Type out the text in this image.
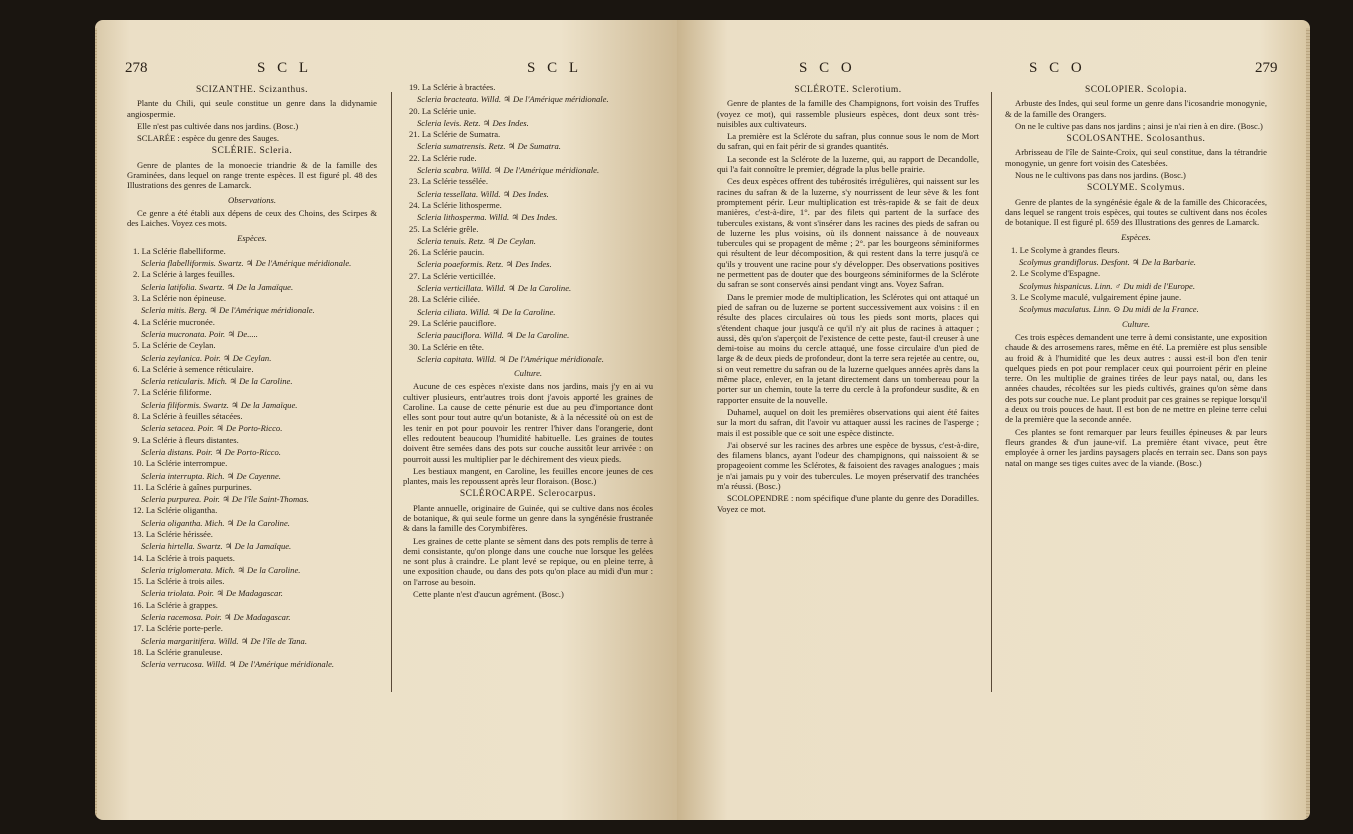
278	S C L	S C L
SCIZANTHE. Scizanthus.

Plante du Chili, qui seule constitue un genre dans la didynamie angiospermie.

Elle n'est pas cultivée dans nos jardins. (Bosc.)

SCLARÉE : espèce du genre des Sauges.

SCLÉRIE. Scleria.

Genre de plantes de la monoecie triandrie & de la famille des Graminées, dans lequel on range trente espèces. Il est figuré pl. 48 des Illustrations des genres de Lamarck.

Observations.

Ce genre a été établi aux dépens de ceux des Choins, des Scirpes & des Laiches. Voyez ces mots.

Espèces.

1. La Sclérie flabelliforme.

Scleria flabelliformis. Swartz. ♃ De l'Amérique méridionale.

2. La Sclérie à larges feuilles.

Scleria latifolia. Swartz. ♃ De la Jamaïque.

3. La Sclérie non épineuse.

Scleria mitis. Berg. ♃ De l'Amérique méridionale.

4. La Sclérie mucronée.

Scleria mucronata. Poir. ♃ De.....

5. La Sclérie de Ceylan.

Scleria zeylanica. Poir. ♃ De Ceylan.

6. La Sclérie à semence réticulaire.

Scleria reticularis. Mich. ♃ De la Caroline.

7. La Sclérie filiforme.

Scleria filiformis. Swartz. ♃ De la Jamaïque.

8. La Sclérie à feuilles sétacées.

Scleria setacea. Poir. ♃ De Porto-Ricco.

9. La Sclérie à fleurs distantes.

Scleria distans. Poir. ♃ De Porto-Ricco.

10. La Sclérie interrompue.

Scleria interrupta. Rich. ♃ De Cayenne.

11. La Sclérie à gaînes purpurines.

Scleria purpurea. Poir. ♃ De l'île Saint-Thomas.

12. La Sclérie oligantha.

Scleria oligantha. Mich. ♃ De la Caroline.

13. La Sclérie hérissée.

Scleria hirtella. Swartz. ♃ De la Jamaïque.

14. La Sclérie à trois paquets.

Scleria triglomerata. Mich. ♃ De la Caroline.

15. La Sclérie à trois ailes.

Scleria triolata. Poir. ♃ De Madagascar.

16. La Sclérie à grappes.

Scleria racemosa. Poir. ♃ De Madagascar.

17. La Sclérie porte-perle.

Scleria margaritifera. Willd. ♃ De l'île de Tana.

18. La Sclérie granuleuse.

Scleria verrucosa. Willd. ♃ De l'Amérique méridionale.

19. La Sclérie à bractées.

Scleria bracteata. Willd. ♃ De l'Amérique méridionale.

20. La Sclérie unie.

Scleria levis. Retz. ♃ Des Indes.

21. La Sclérie de Sumatra.

Scleria sumatrensis. Retz. ♃ De Sumatra.

22. La Sclérie rude.

Scleria scabra. Willd. ♃ De l'Amérique méridionale.

23. La Sclérie tessélée.

Scleria tessellata. Willd. ♃ Des Indes.

24. La Sclérie lithosperme.

Scleria lithosperma. Willd. ♃ Des Indes.

25. La Sclérie grêle.

Scleria tenuis. Retz. ♃ De Ceylan.

26. La Sclérie paucin.

Scleria poaeformis. Retz. ♃ Des Indes.

27. La Sclérie verticillée.

Scleria verticillata. Willd. ♃ De la Caroline.

28. La Sclérie ciliée.

Scleria ciliata. Willd. ♃ De la Caroline.

29. La Sclérie pauciflore.

Scleria pauciflora. Willd. ♃ De la Caroline.

30. La Sclérie en tête.

Scleria capitata. Willd. ♃ De l'Amérique méridionale.

Culture.

Aucune de ces espèces n'existe dans nos jardins, mais j'y en ai vu cultiver plusieurs, entr'autres trois dont j'avois apporté les graines de Caroline. La cause de cette pénurie est due au peu d'importance dont elles sont pour tout autre qu'un botaniste, & à la nécessité où on est de les tenir en pot pour pouvoir les rentrer l'hiver dans l'orangerie, dont elles redoutent beaucoup l'humidité habituelle. Les graines de toutes doivent être semées dans des pots sur couche aussitôt leur arrivée : on pourroit aussi les multiplier par le déchirement des vieux pieds.

Les bestiaux mangent, en Caroline, les feuilles encore jeunes de ces plantes, mais les repoussent après leur floraison. (Bosc.)

SCLÉROCARPE. Sclerocarpus.

Plante annuelle, originaire de Guinée, qui se cultive dans nos écoles de botanique, & qui seule forme un genre dans la syngénésie frustranée & dans la famille des Corymbifères.

Les graines de cette plante se sèment dans des pots remplis de terre à demi consistante, qu'on plonge dans une couche nue lorsque les gelées ne sont plus à craindre. Le plant levé se repique, ou en pleine terre, à une exposition chaude, ou dans des pots qu'on place au midi d'un mur : on l'arrose au besoin.

Cette plante n'est d'aucun agrément. (Bosc.)

S C O	S C O	279
SCLÉROTE. Sclerotium.

Genre de plantes de la famille des Champignons, fort voisin des Truffes (voyez ce mot), qui rassemble plusieurs espèces, dont deux sont très-nuisibles aux cultivateurs.

La première est la Sclérote du safran, plus connue sous le nom de Mort du safran, qui en fait périr de si grandes quantités.

La seconde est la Sclérote de la luzerne, qui, au rapport de Decandolle, qui l'a fait connoître le premier, dégrade la plus belle prairie.

Ces deux espèces offrent des tubérosités irrégulières, qui naissent sur les racines du safran & de la luzerne, s'y nourrissent de leur sève & les font promptement périr. Leur multiplication est très-rapide & se fait de deux manières, c'est-à-dire, 1°. par des filets qui partent de la surface des tubercules existans, & vont s'insérer dans les racines des pieds de safran ou de luzerne les plus voisins, où ils donnent naissance à de nouveaux tubercules qui se propagent de même ; 2°. par les bourgeons séminiformes qui résultent de leur décomposition, & qui restent dans la terre jusqu'à ce qu'ils y trouvent une racine pour s'y développer. Des observations positives ne permettent pas de douter que des bourgeons séminiformes de la Sclérote du safran se sont conservés ainsi pendant vingt ans. Voyez Safran.

Dans le premier mode de multiplication, les Sclérotes qui ont attaqué un pied de safran ou de luzerne se portent successivement aux voisins : il en résulte des places circulaires où tous les pieds sont morts, places qui s'étendent chaque jour jusqu'à ce qu'il n'y ait plus de racines à attaquer ; aussi, dès qu'on s'aperçoit de l'existence de cette peste, faut-il creuser à une demi-toise au moins du cercle attaqué, une fosse circulaire d'un pied de large & de deux pieds de profondeur, dont la terre sera rejetée au centre, ou, si on veut remettre du safran ou de la luzerne quelques années après dans la même place, enlever, en la jetant directement dans un tombereau pour la porter sur un chemin, toute la terre du cercle à la profondeur susdite, & en rapporter ensuite de la nouvelle.

Duhamel, auquel on doit les premières observations qui aient été faites sur la mort du safran, dit l'avoir vu attaquer aussi les racines de l'asperge ; mais il est possible que ce soit une espèce distincte.

J'ai observé sur les racines des arbres une espèce de byssus, c'est-à-dire, des filamens blancs, ayant l'odeur des champignons, qui naissoient & se propageoient comme les Sclérotes, & faisoient des ravages analogues ; mais je n'ai jamais pu y voir des tubercules. Le moyen préservatif des tranchées m'a réussi. (Bosc.)

SCOLOPENDRE : nom spécifique d'une plante du genre des Doradilles. Voyez ce mot.

SCOLOPIER. Scolopia.

Arbuste des Indes, qui seul forme un genre dans l'icosandrie monogynie, & de la famille des Orangers.

On ne le cultive pas dans nos jardins ; ainsi je n'ai rien à en dire. (Bosc.)

SCOLOSANTHE. Scolosanthus.

Arbrisseau de l'île de Sainte-Croix, qui seul constitue, dans la tétrandrie monogynie, un genre fort voisin des Catesbées.

Nous ne le cultivons pas dans nos jardins. (Bosc.)

SCOLYME. Scolymus.

Genre de plantes de la syngénésie égale & de la famille des Chicoracées, dans lequel se rangent trois espèces, qui toutes se cultivent dans nos écoles de botanique. Il est figuré pl. 659 des Illustrations des genres de Lamarck.

Espèces.

1. Le Scolyme à grandes fleurs.

Scolymus grandiflorus. Desfont. ♃ De la Barbarie.

2. Le Scolyme d'Espagne.

Scolymus hispanicus. Linn. ♂ Du midi de l'Europe.

3. Le Scolyme maculé, vulgairement épine jaune.

Scolymus maculatus. Linn. ⊙ Du midi de la France.

Culture.

Ces trois espèces demandent une terre à demi consistante, une exposition chaude & des arrosemens rares, même en été. La première est plus sensible au froid & à l'humidité que les deux autres : aussi est-il bon d'en tenir quelques pieds en pot pour remplacer ceux qui pourroient périr en pleine terre. On les multiplie de graines tirées de leur pays natal, ou, dans les années chaudes, récoltées sur les pieds cultivés, graines qu'on sème dans des pots sur couche nue. Le plant produit par ces graines se repique lorsqu'il a deux ou trois pouces de haut. Il est bon de ne mettre en pleine terre celui de la première que la seconde année.

Ces plantes se font remarquer par leurs feuilles épineuses & par leurs fleurs grandes & d'un jaune-vif. La première étant vivace, peut être employée à orner les jardins paysagers placés en terrain sec. Dans son pays natal on mange ses tiges cuites avec de la viande. (Bosc.)
